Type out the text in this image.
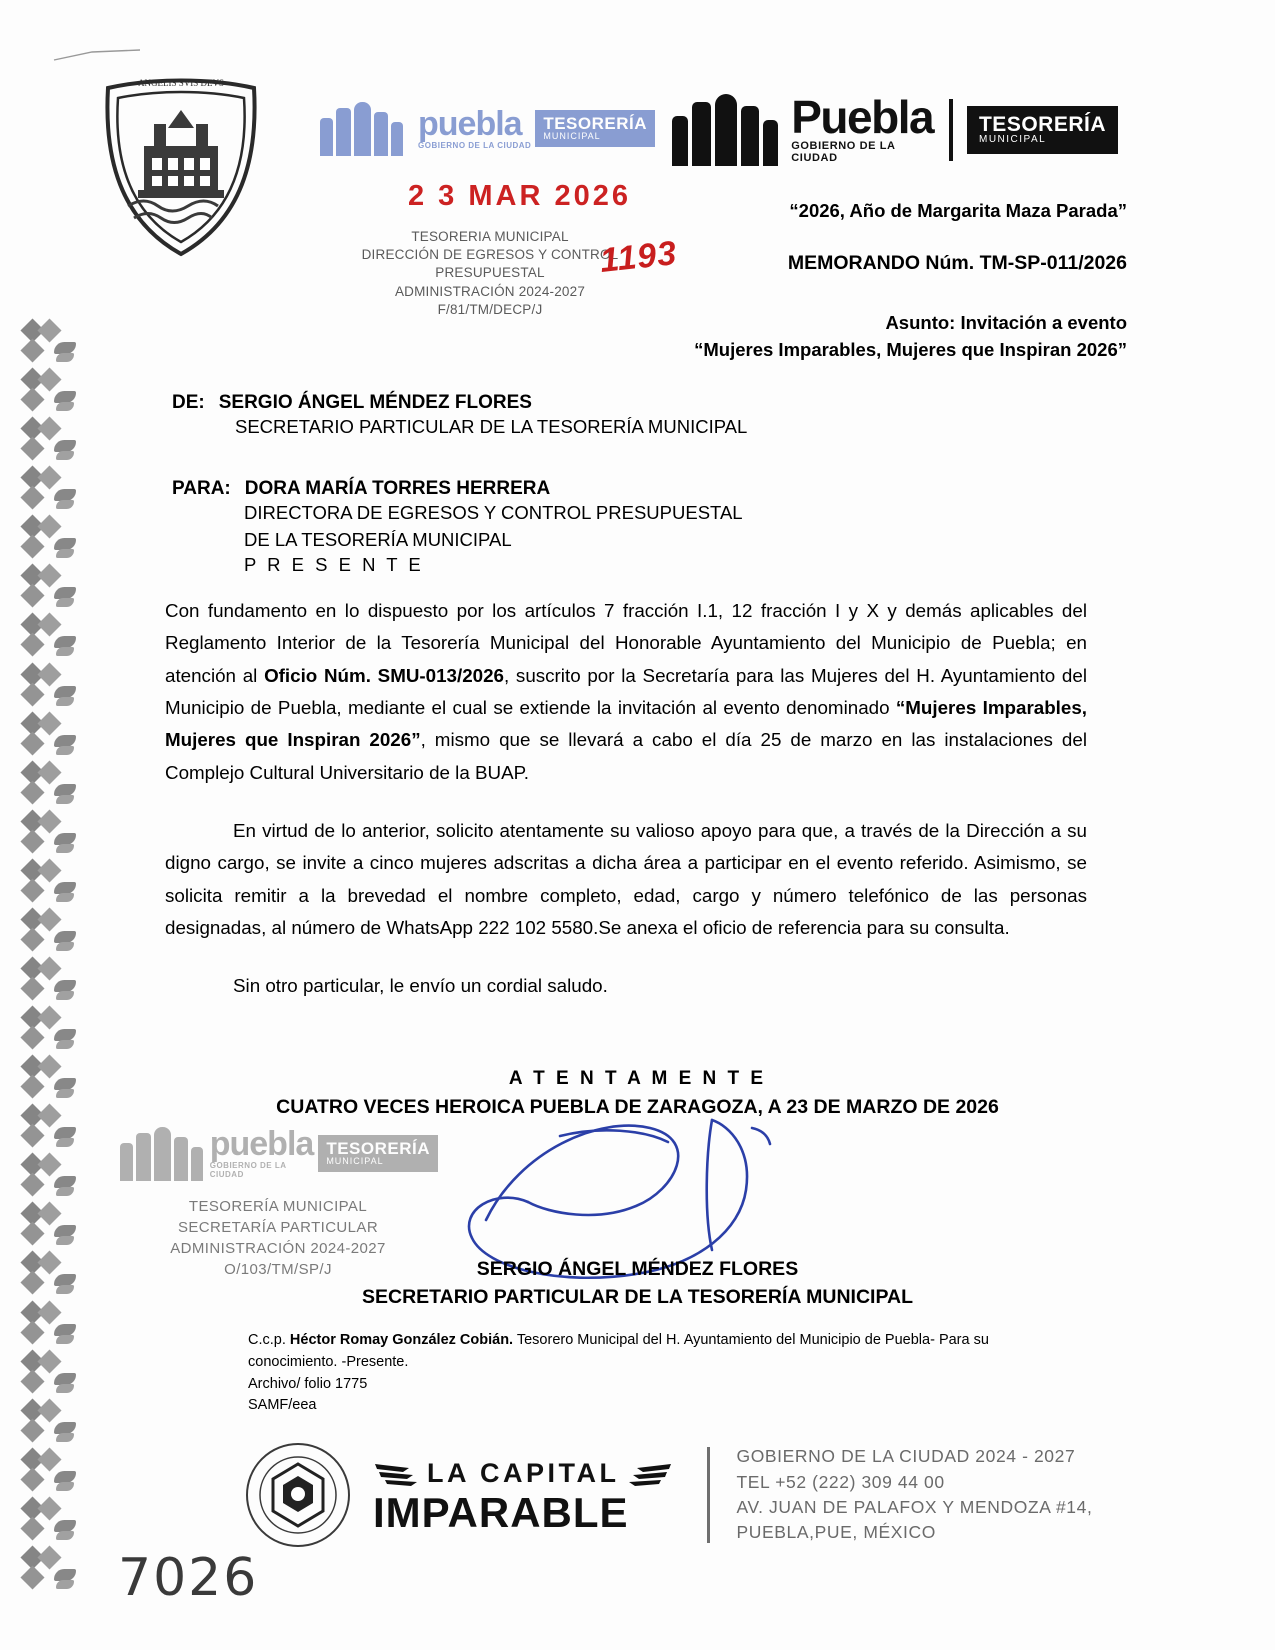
ANGELIS SVIS DEVS
puebla
GOBIERNO DE LA CIUDAD
TESORERÍA
MUNICIPAL	Puebla
GOBIERNO DE LA CIUDAD
TESORERÍA
MUNICIPAL
2 3 MAR 2026
TESORERIA MUNICIPAL
DIRECCIÓN DE EGRESOS Y CONTROL
PRESUPUESTAL
ADMINISTRACIÓN 2024-2027
F/81/TM/DECP/J
1193
“2026, Año de Margarita Maza Parada”
MEMORANDO Núm. TM-SP-011/2026
Asunto: Invitación a evento
“Mujeres Imparables, Mujeres que Inspiran 2026”
DE: SERGIO ÁNGEL MÉNDEZ FLORES
SECRETARIO PARTICULAR DE LA TESORERÍA MUNICIPAL
PARA: DORA MARÍA TORRES HERRERA
DIRECTORA DE EGRESOS Y CONTROL PRESUPUESTAL
DE LA TESORERÍA MUNICIPAL
P R E S E N T E

Con fundamento en lo dispuesto por los artículos 7 fracción I.1, 12 fracción I y X y demás aplicables del Reglamento Interior de la Tesorería Municipal del Honorable Ayuntamiento del Municipio de Puebla; en atención al Oficio Núm. SMU-013/2026, suscrito por la Secretaría para las Mujeres del H. Ayuntamiento del Municipio de Puebla, mediante el cual se extiende la invitación al evento denominado “Mujeres Imparables, Mujeres que Inspiran 2026”, mismo que se llevará a cabo el día 25 de marzo en las instalaciones del Complejo Cultural Universitario de la BUAP.

En virtud de lo anterior, solicito atentamente su valioso apoyo para que, a través de la Dirección a su digno cargo, se invite a cinco mujeres adscritas a dicha área a participar en el evento referido. Asimismo, se solicita remitir a la brevedad el nombre completo, edad, cargo y número telefónico de las personas designadas, al número de WhatsApp 222 102 5580.Se anexa el oficio de referencia para su consulta.

Sin otro particular, le envío un cordial saludo.

A T E N T A M E N T E
CUATRO VECES HEROICA PUEBLA DE ZARAGOZA, A 23 DE MARZO DE 2026
puebla
GOBIERNO DE LA CIUDAD
TESORERÍA
MUNICIPAL
TESORERÍA MUNICIPAL
SECRETARÍA PARTICULAR
ADMINISTRACIÓN 2024-2027
O/103/TM/SP/J	SERGIO ÁNGEL MÉNDEZ FLORES
SECRETARIO PARTICULAR DE LA TESORERÍA MUNICIPAL
C.c.p. Héctor Romay González Cobián. Tesorero Municipal del H. Ayuntamiento del Municipio de Puebla- Para su conocimiento. -Presente.
Archivo/ folio 1775
SAMF/eea
LA CAPITAL
IMPARABLE
GOBIERNO DE LA CIUDAD 2024 - 2027
TEL +52 (222) 309 44 00
AV. JUAN DE PALAFOX Y MENDOZA #14,
PUEBLA,PUE, MÉXICO
7026
